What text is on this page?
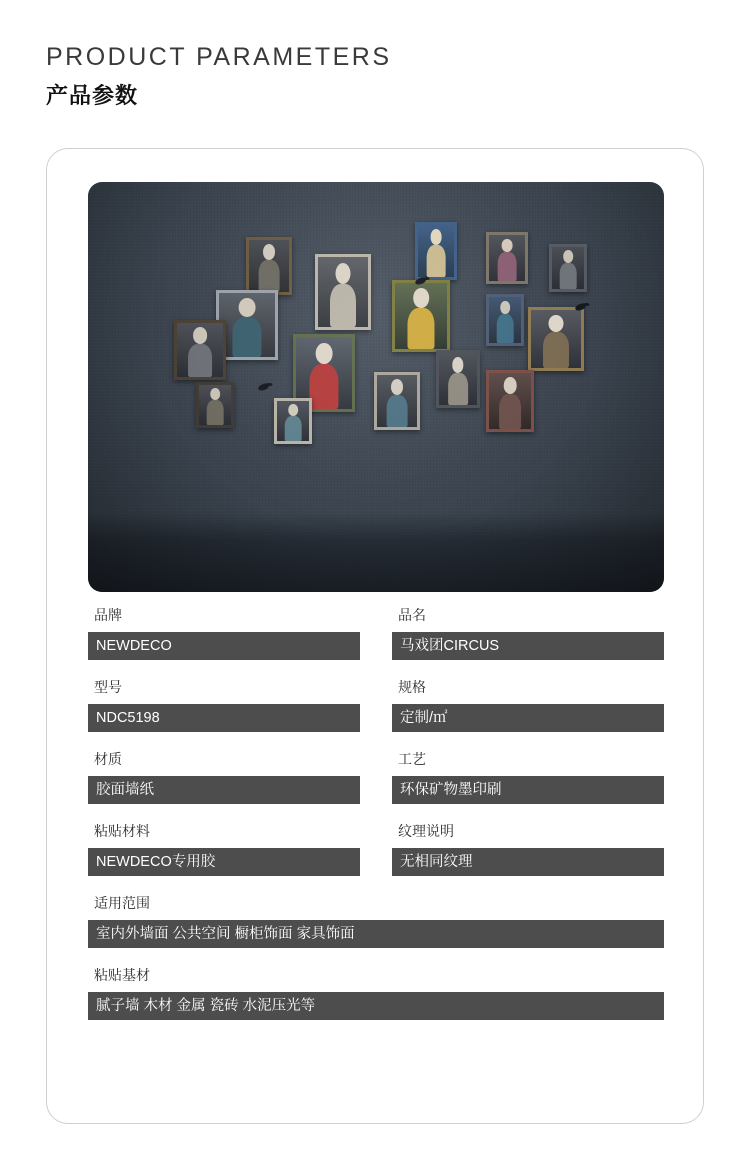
PRODUCT PARAMETERS
产品参数
品牌
NEWDECO
品名
马戏团CIRCUS
型号
NDC5198
规格
定制/㎡
材质
胶面墙纸
工艺
环保矿物墨印刷
粘贴材料
NEWDECO专用胶
纹理说明
无相同纹理
适用范围
室内外墙面 公共空间 橱柜饰面 家具饰面
粘贴基材
腻子墙 木材 金属 瓷砖 水泥压光等
